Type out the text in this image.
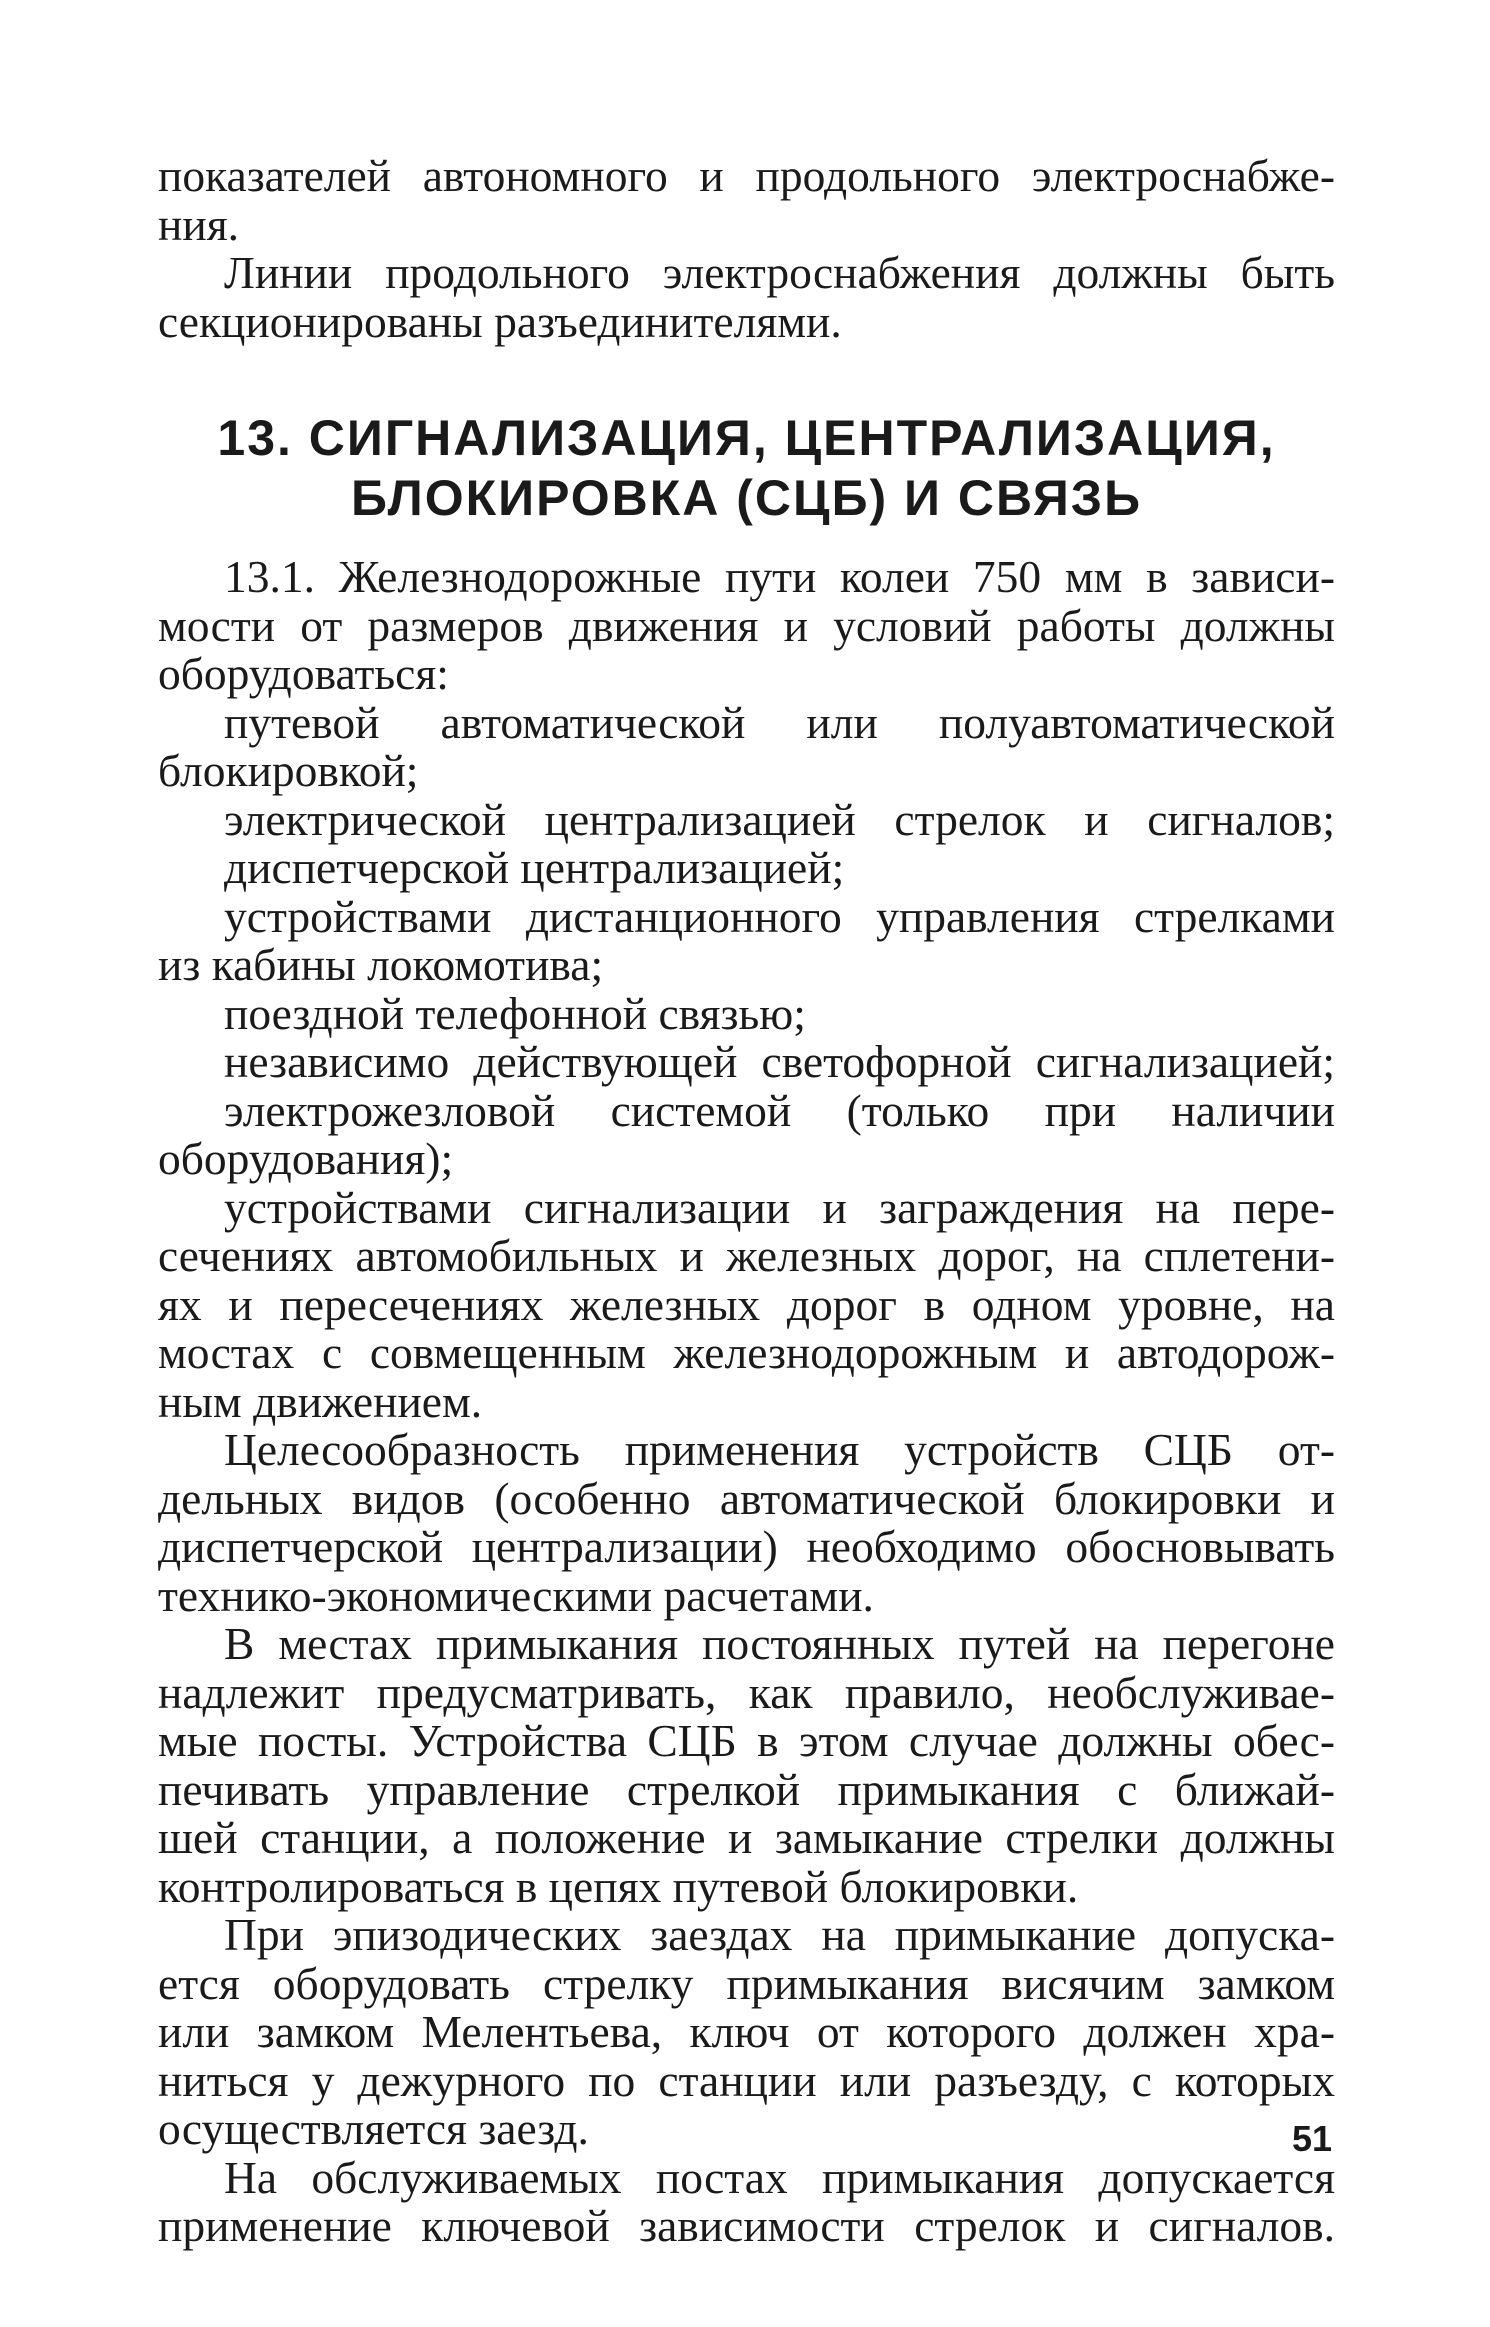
показателей автономного и продольного электроснабже-
ния.

Линии продольного электроснабжения должны быть
секционированы разъединителями.

13. СИГНАЛИЗАЦИЯ, ЦЕНТРАЛИЗАЦИЯ,
БЛОКИРОВКА (СЦБ) И СВЯЗЬ

13.1. Железнодорожные пути колеи 750 мм в зависи-
мости от размеров движения и условий работы должны
оборудоваться:

путевой автоматической или полуавтоматической
блокировкой;

электрической централизацией стрелок и сигналов;

диспетчерской централизацией;

устройствами дистанционного управления стрелками
из кабины локомотива;

поездной телефонной связью;

независимо действующей светофорной сигнализацией;

электрожезловой системой (только при наличии
оборудования);

устройствами сигнализации и заграждения на пере-
сечениях автомобильных и железных дорог, на сплетени-
ях и пересечениях железных дорог в одном уровне, на
мостах с совмещенным железнодорожным и автодорож-
ным движением.

Целесообразность применения устройств СЦБ от-
дельных видов (особенно автоматической блокировки и
диспетчерской централизации) необходимо обосновывать
технико-экономическими расчетами.

В местах примыкания постоянных путей на перегоне
надлежит предусматривать, как правило, необслуживае-
мые посты. Устройства СЦБ в этом случае должны обес-
печивать управление стрелкой примыкания с ближай-
шей станции, а положение и замыкание стрелки должны
контролироваться в цепях путевой блокировки.

При эпизодических заездах на примыкание допуска-
ется оборудовать стрелку примыкания висячим замком
или замком Мелентьева, ключ от которого должен хра-
ниться у дежурного по станции или разъезду, с которых
осуществляется заезд.

На обслуживаемых постах примыкания допускается
применение ключевой зависимости стрелок и сигналов.

51
